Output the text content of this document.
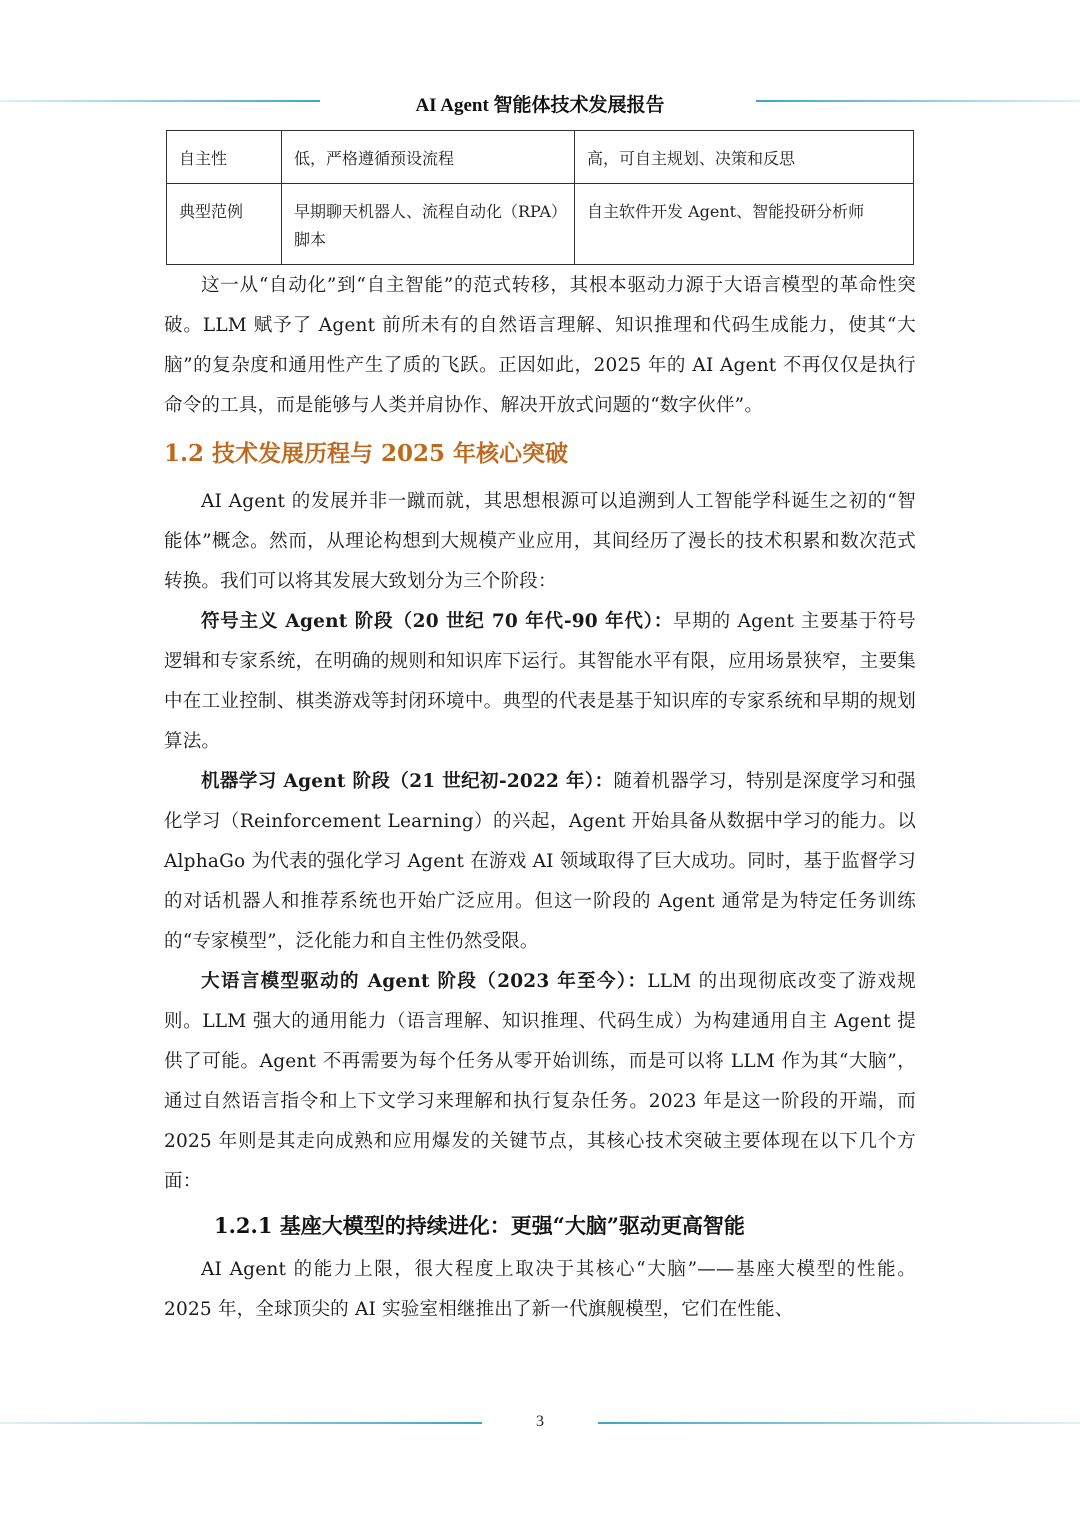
AI Agent 智能体技术发展报告
自主性	低，严格遵循预设流程	高，可自主规划、决策和反思
典型范例	早期聊天机器人、流程自动化（RPA）脚本	自主软件开发 Agent、智能投研分析师

这一从“自动化”到“自主智能”的范式转移，其根本驱动力源于大语言模型的革命性突破。LLM 赋予了 Agent 前所未有的自然语言理解、知识推理和代码生成能力，使其“大脑”的复杂度和通用性产生了质的飞跃。正因如此，2025 年的 AI Agent 不再仅仅是执行命令的工具，而是能够与人类并肩协作、解决开放式问题的“数字伙伴”。

1.2 技术发展历程与 2025 年核心突破

AI Agent 的发展并非一蹴而就，其思想根源可以追溯到人工智能学科诞生之初的“智能体”概念。然而，从理论构想到大规模产业应用，其间经历了漫长的技术积累和数次范式转换。我们可以将其发展大致划分为三个阶段：

符号主义 Agent 阶段（20 世纪 70 年代-90 年代）：早期的 Agent 主要基于符号逻辑和专家系统，在明确的规则和知识库下运行。其智能水平有限，应用场景狭窄，主要集中在工业控制、棋类游戏等封闭环境中。典型的代表是基于知识库的专家系统和早期的规划算法。

机器学习 Agent 阶段（21 世纪初-2022 年）：随着机器学习，特别是深度学习和强化学习（Reinforcement Learning）的兴起，Agent 开始具备从数据中学习的能力。以 AlphaGo 为代表的强化学习 Agent 在游戏 AI 领域取得了巨大成功。同时，基于监督学习的对话机器人和推荐系统也开始广泛应用。但这一阶段的 Agent 通常是为特定任务训练的“专家模型”，泛化能力和自主性仍然受限。

大语言模型驱动的 Agent 阶段（2023 年至今）：LLM 的出现彻底改变了游戏规则。LLM 强大的通用能力（语言理解、知识推理、代码生成）为构建通用自主 Agent 提供了可能。Agent 不再需要为每个任务从零开始训练，而是可以将 LLM 作为其“大脑”，通过自然语言指令和上下文学习来理解和执行复杂任务。2023 年是这一阶段的开端，而 2025 年则是其走向成熟和应用爆发的关键节点，其核心技术突破主要体现在以下几个方面：

1.2.1 基座大模型的持续进化：更强“大脑”驱动更高智能

AI Agent 的能力上限，很大程度上取决于其核心“大脑”——基座大模型的性能。2025 年，全球顶尖的 AI 实验室相继推出了新一代旗舰模型，它们在性能、

3
